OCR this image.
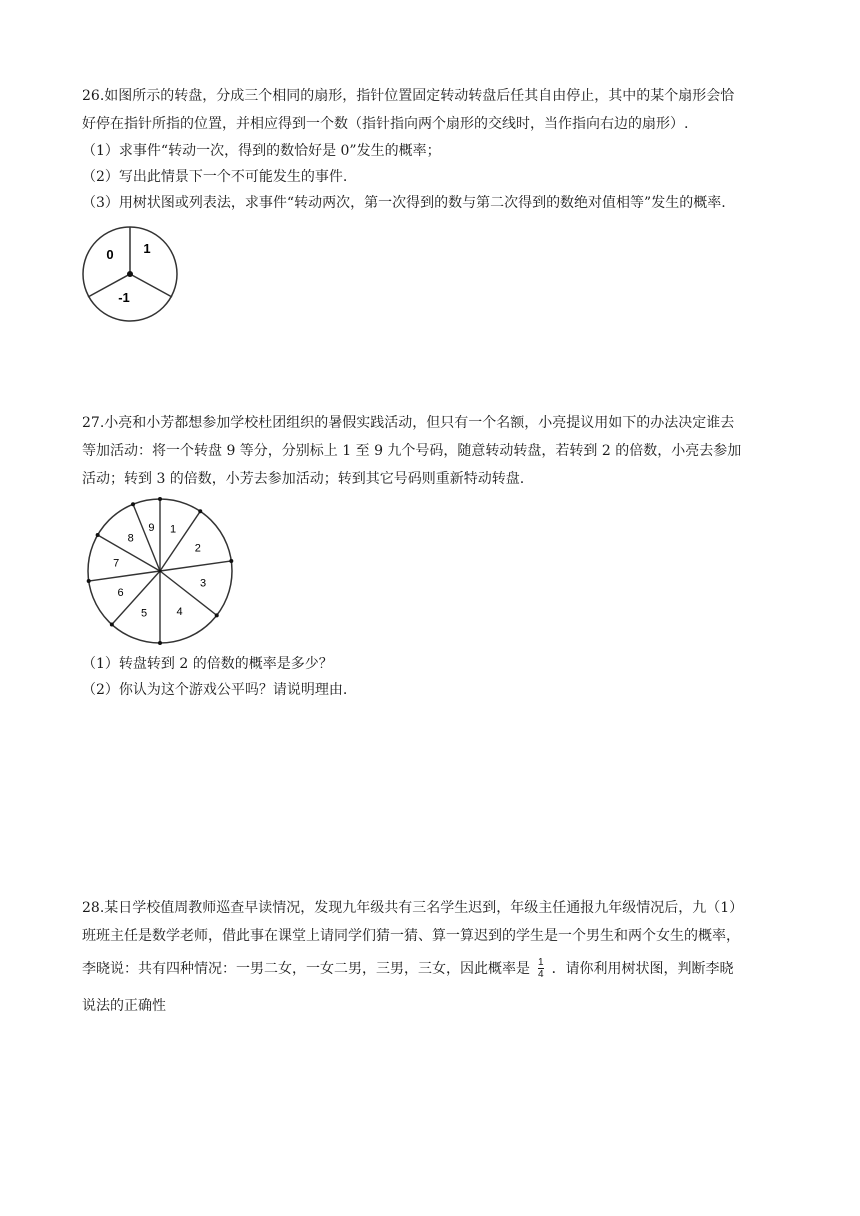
26.如图所示的转盘，分成三个相同的扇形，指针位置固定转动转盘后任其自由停止，其中的某个扇形会恰
好停在指针所指的位置，并相应得到一个数（指针指向两个扇形的交线时，当作指向右边的扇形）.
（1）求事件“转动一次，得到的数恰好是 0”发生的概率；
（2）写出此情景下一个不可能发生的事件.
（3）用树状图或列表法，求事件“转动两次，第一次得到的数与第二次得到的数绝对值相等”发生的概率.
0 1
-1
27.小亮和小芳都想参加学校杜团组织的暑假实践活动，但只有一个名额，小亮提议用如下的办法决定谁去
等加活动：将一个转盘 9 等分，分别标上 1 至 9 九个号码，随意转动转盘，若转到 2 的倍数，小亮去参加
活动；转到 3 的倍数，小芳去参加活动；转到其它号码则重新特动转盘.
1
2
3
4
5
6
7
8
9
（1）转盘转到 2 的倍数的概率是多少？
（2）你认为这个游戏公平吗？请说明理由.
28.某日学校值周教师巡查早读情况，发现九年级共有三名学生迟到，年级主任通报九年级情况后，九（1）
班班主任是数学老师，借此事在课堂上请同学们猜一猜、算一算迟到的学生是一个男生和两个女生的概率，
李晓说：共有四种情况：一男二女，一女二男，三男，三女，因此概率是 $\frac{1}{4}$ ．请你利用树状图，判断李晓
说法的正确性
